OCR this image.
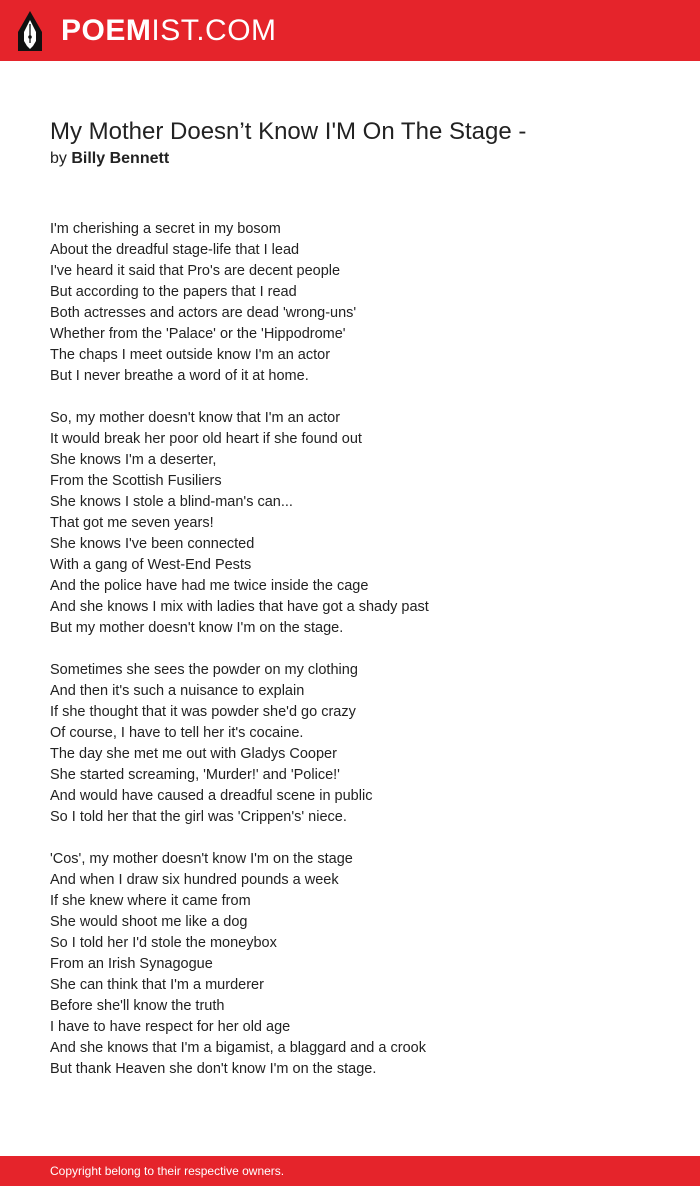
POEMIST.COM
My Mother Doesn’t Know I'M On The Stage -
by Billy Bennett
I'm cherishing a secret in my bosom
About the dreadful stage-life that I lead
I've heard it said that Pro's are decent people
But according to the papers that I read
Both actresses and actors are dead 'wrong-uns'
Whether from the 'Palace' or the 'Hippodrome'
The chaps I meet outside know I'm an actor
But I never breathe a word of it at home.
So, my mother doesn't know that I'm an actor
It would break her poor old heart if she found out
She knows I'm a deserter,
From the Scottish Fusiliers
She knows I stole a blind-man's can...
That got me seven years!
She knows I've been connected
With a gang of West-End Pests
And the police have had me twice inside the cage
And she knows I mix with ladies that have got a shady past
But my mother doesn't know I'm on the stage.
Sometimes she sees the powder on my clothing
And then it's such a nuisance to explain
If she thought that it was powder she'd go crazy
Of course, I have to tell her it's cocaine.
The day she met me out with Gladys Cooper
She started screaming, 'Murder!' and 'Police!'
And would have caused a dreadful scene in public
So I told her that the girl was 'Crippen's' niece.
'Cos', my mother doesn't know I'm on the stage
And when I draw six hundred pounds a week
If she knew where it came from
She would shoot me like a dog
So I told her I'd stole the moneybox
From an Irish Synagogue
She can think that I'm a murderer
Before she'll know the truth
I have to have respect for her old age
And she knows that I'm a bigamist, a blaggard and a crook
But thank Heaven she don't know I'm on the stage.
Copyright belong to their respective owners.
